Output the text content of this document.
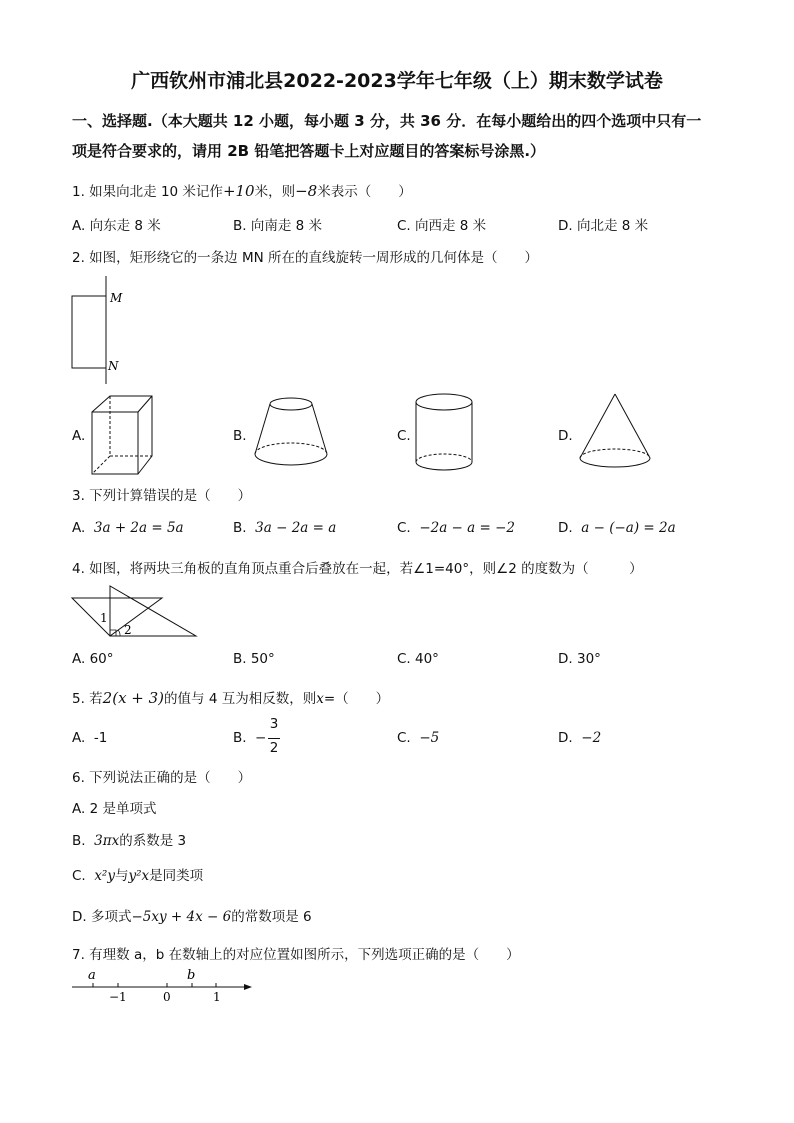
广西钦州市浦北县2022-2023学年七年级（上）期末数学试卷
一、选择题.（本大题共 12 小题，每小题 3 分，共 36 分．在每小题给出的四个选项中只有一
项是符合要求的，请用 2B 铅笔把答题卡上对应题目的答案标号涂黑.）
1. 如果向北走 10 米记作+10米，则−8米表示（　　）
A. 向东走 8 米	B. 向南走 8 米	C. 向西走 8 米	D. 向北走 8 米
2. 如图，矩形绕它的一条边 MN 所在的直线旋转一周形成的几何体是（　　）
M
N
A.	B.	C.	D.
3. 下列计算错误的是（　　）
A. 3a + 2a = 5a	B. 3a − 2a = a	C. −2a − a = −2	D. a − (−a) = 2a
4. 如图，将两块三角板的直角顶点重合后叠放在一起，若∠1=40°，则∠2 的度数为（　　　）
1
2
A. 60°	B. 50°	C. 40°	D. 30°
5. 若2(x + 3)的值与 4 互为相反数，则x=（　　）
A. -1	B. −
3
2
C. −5	D. −2
6. 下列说法正确的是（　　）
A. 2 是单项式
B. 3πx的系数是 3
C. x²y与y²x是同类项
D. 多项式−5xy + 4x − 6的常数项是 6
7. 有理数 a，b 在数轴上的对应位置如图所示，下列选项正确的是（　　）
a	b
−1	0	1
